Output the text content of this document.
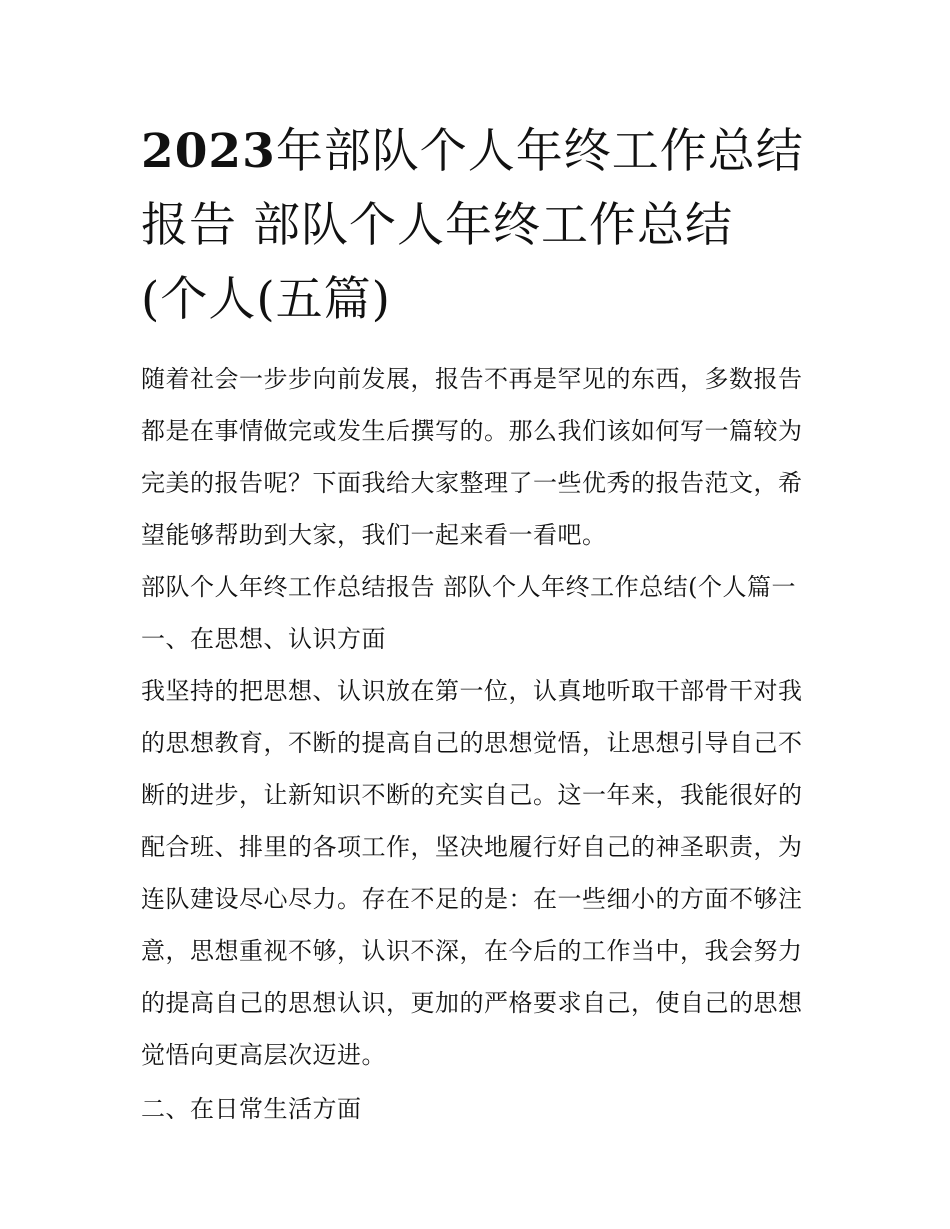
2023年部队个人年终工作总结
报告 部队个人年终工作总结
(个人(五篇)

随着社会一步步向前发展，报告不再是罕见的东西，多数报告
都是在事情做完或发生后撰写的。那么我们该如何写一篇较为
完美的报告呢？下面我给大家整理了一些优秀的报告范文，希
望能够帮助到大家，我们一起来看一看吧。

部队个人年终工作总结报告 部队个人年终工作总结(个人篇一

一、在思想、认识方面

我坚持的把思想、认识放在第一位，认真地听取干部骨干对我
的思想教育，不断的提高自己的思想觉悟，让思想引导自己不
断的进步，让新知识不断的充实自己。这一年来，我能很好的
配合班、排里的各项工作，坚决地履行好自己的神圣职责，为
连队建设尽心尽力。存在不足的是：在一些细小的方面不够注
意，思想重视不够，认识不深，在今后的工作当中，我会努力
的提高自己的思想认识，更加的严格要求自己，使自己的思想
觉悟向更高层次迈进。

二、在日常生活方面
